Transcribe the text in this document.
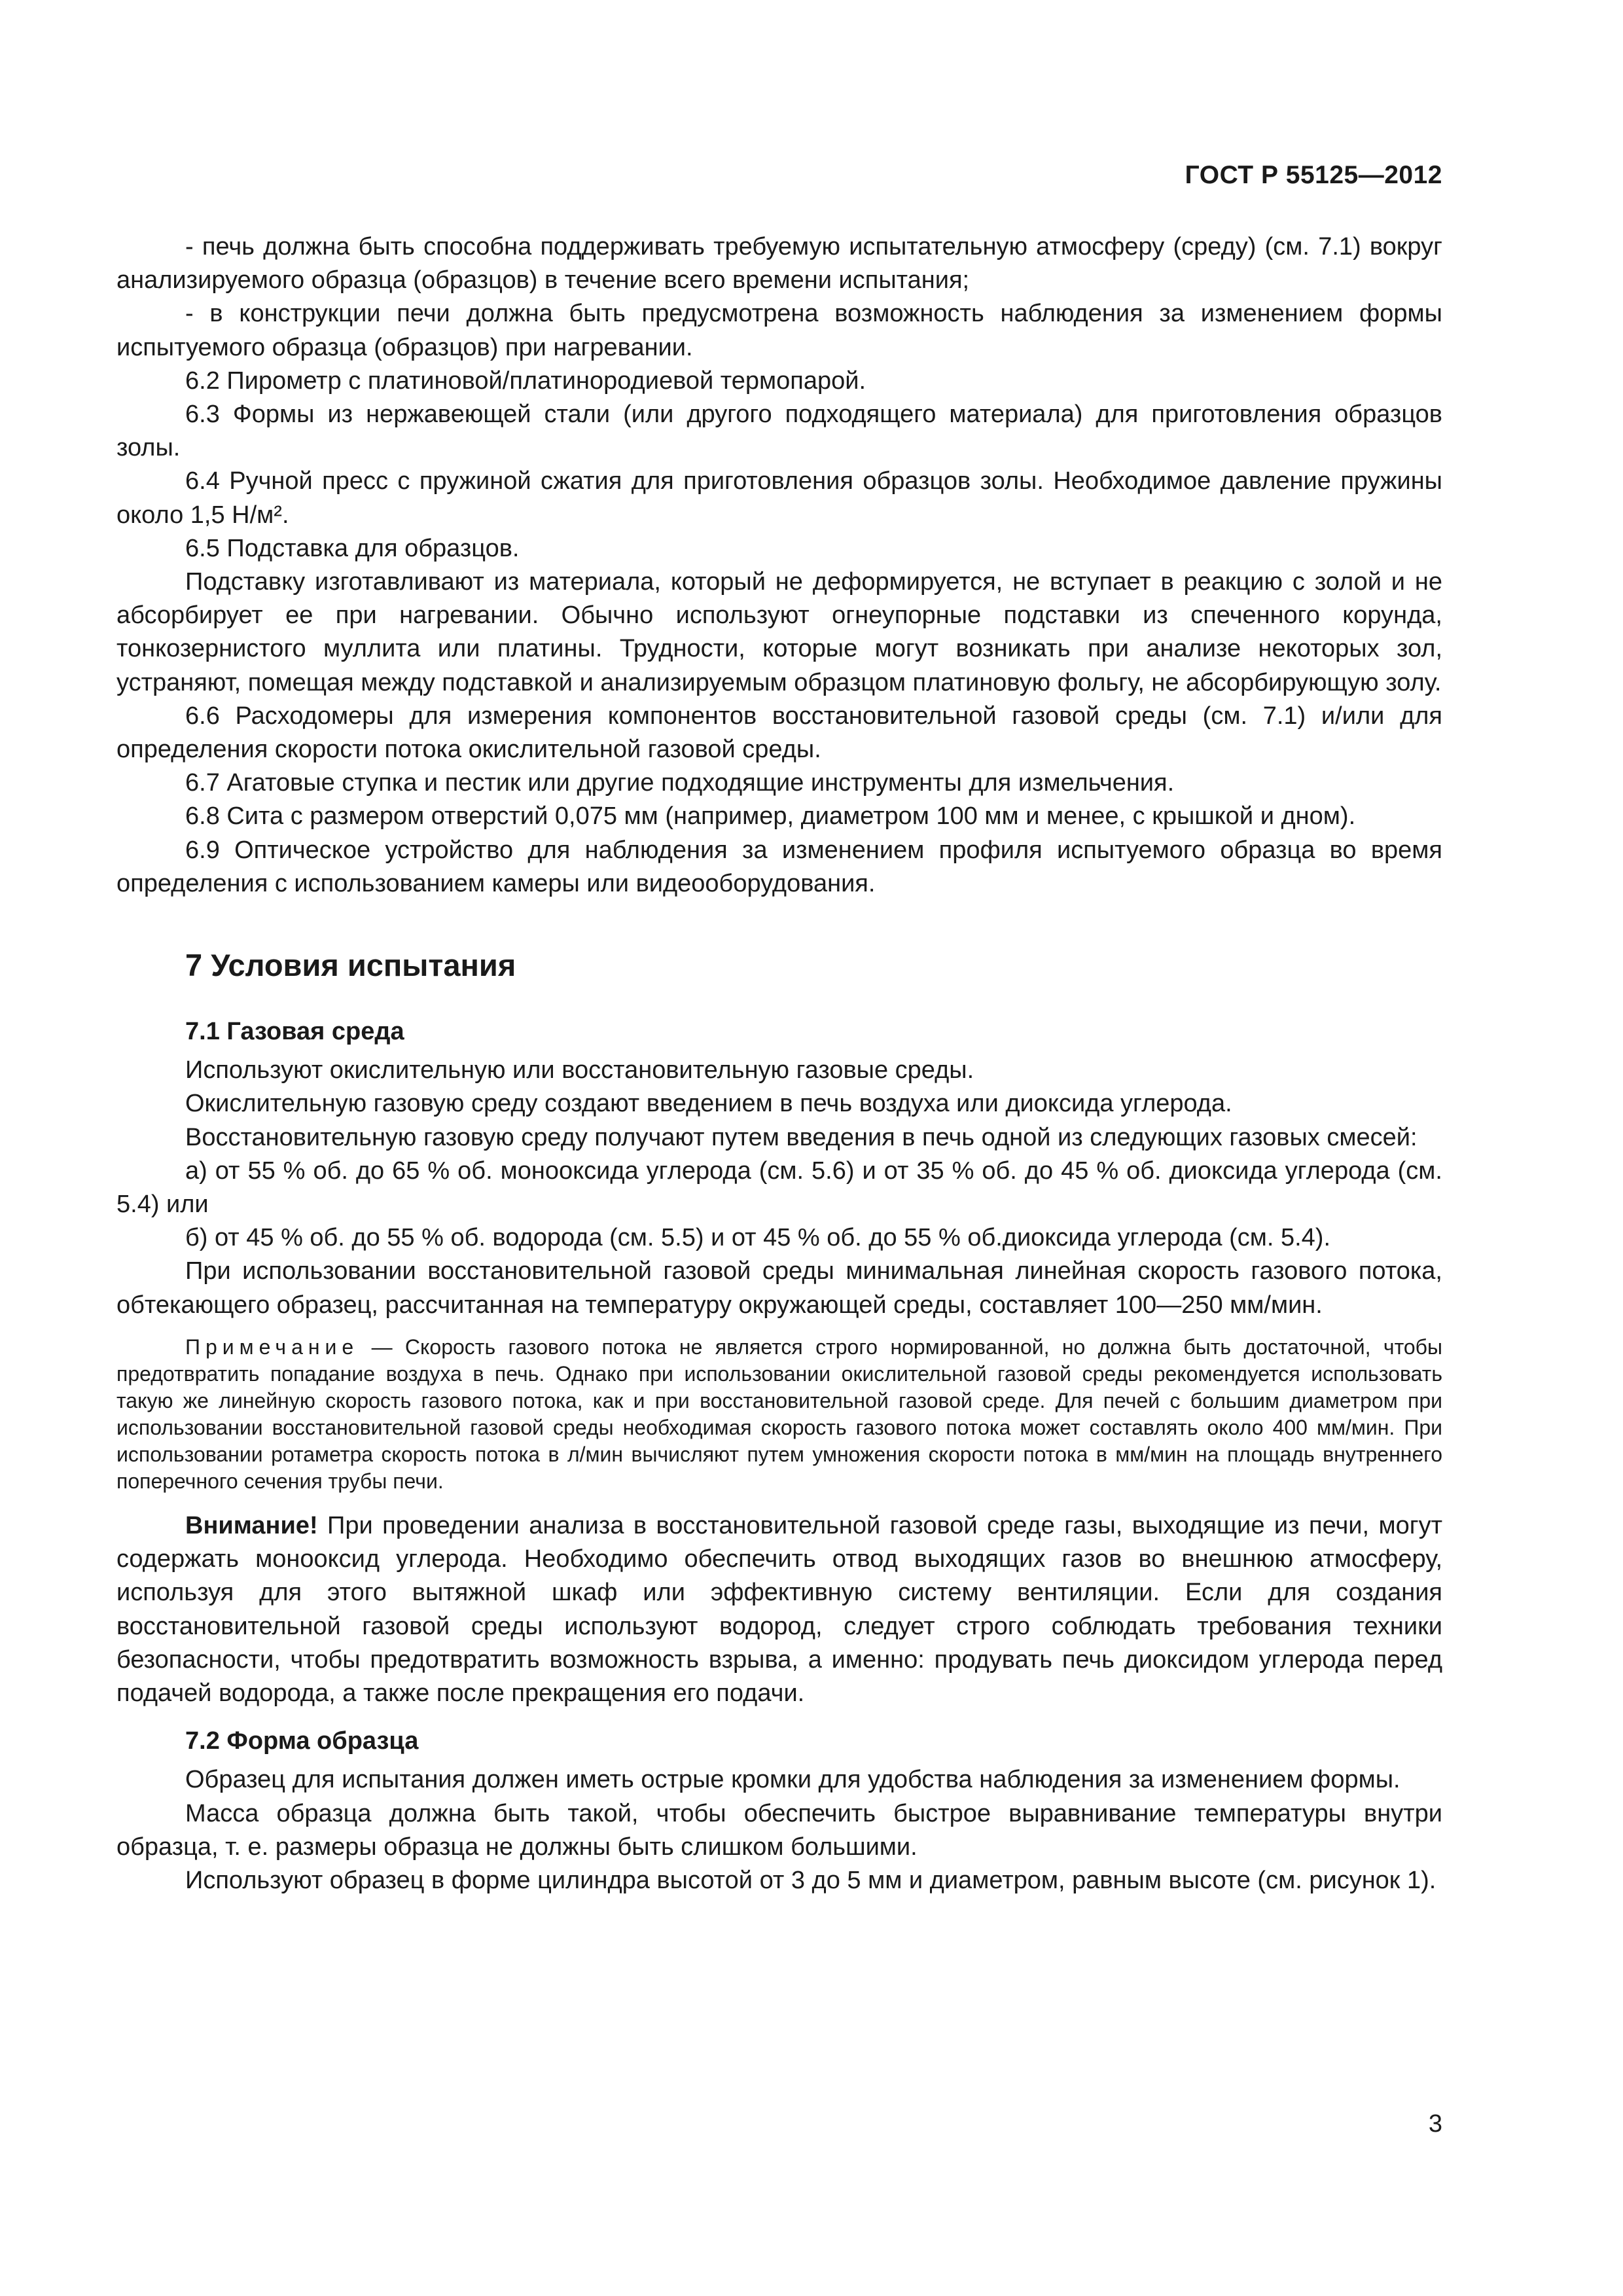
ГОСТ Р 55125—2012

- печь должна быть способна поддерживать требуемую испытательную атмосферу (среду) (см. 7.1) вокруг анализируемого образца (образцов) в течение всего времени испытания;

- в конструкции печи должна быть предусмотрена возможность наблюдения за изменением формы испытуемого образца (образцов) при нагревании.

6.2 Пирометр с платиновой/платинородиевой термопарой.

6.3 Формы из нержавеющей стали (или другого подходящего материала) для приготовления образцов золы.

6.4 Ручной пресс с пружиной сжатия для приготовления образцов золы. Необходимое давление пружины около 1,5 Н/м².

6.5 Подставка для образцов.

Подставку изготавливают из материала, который не деформируется, не вступает в реакцию с золой и не абсорбирует ее при нагревании. Обычно используют огнеупорные подставки из спеченного корунда, тонкозернистого муллита или платины. Трудности, которые могут возникать при анализе некоторых зол, устраняют, помещая между подставкой и анализируемым образцом платиновую фольгу, не абсорбирующую золу.

6.6 Расходомеры для измерения компонентов восстановительной газовой среды (см. 7.1) и/или для определения скорости потока окислительной газовой среды.

6.7 Агатовые ступка и пестик или другие подходящие инструменты для измельчения.

6.8 Сита с размером отверстий 0,075 мм (например, диаметром 100 мм и менее, с крышкой и дном).

6.9 Оптическое устройство для наблюдения за изменением профиля испытуемого образца во время определения с использованием камеры или видеооборудования.

7 Условия испытания
7.1 Газовая среда

Используют окислительную или восстановительную газовые среды.

Окислительную газовую среду создают введением в печь воздуха или диоксида углерода.

Восстановительную газовую среду получают путем введения в печь одной из следующих газовых смесей:

а) от 55 % об. до 65 % об. монооксида углерода (см. 5.6) и от 35 % об. до 45 % об. диоксида углерода (см. 5.4) или

б) от 45 % об. до 55 % об. водорода (см. 5.5) и от 45 % об. до 55 % об.диоксида углерода (см. 5.4).

При использовании восстановительной газовой среды минимальная линейная скорость газового потока, обтекающего образец, рассчитанная на температуру окружающей среды, составляет 100—250 мм/мин.

Примечание — Скорость газового потока не является строго нормированной, но должна быть достаточной, чтобы предотвратить попадание воздуха в печь. Однако при использовании окислительной газовой среды рекомендуется использовать такую же линейную скорость газового потока, как и при восстановительной газовой среде. Для печей с большим диаметром при использовании восстановительной газовой среды необходимая скорость газового потока может составлять около 400 мм/мин. При использовании ротаметра скорость потока в л/мин вычисляют путем умножения скорости потока в мм/мин на площадь внутреннего поперечного сечения трубы печи.

Внимание! При проведении анализа в восстановительной газовой среде газы, выходящие из печи, могут содержать монооксид углерода. Необходимо обеспечить отвод выходящих газов во внешнюю атмосферу, используя для этого вытяжной шкаф или эффективную систему вентиляции. Если для создания восстановительной газовой среды используют водород, следует строго соблюдать требования техники безопасности, чтобы предотвратить возможность взрыва, а именно: продувать печь диоксидом углерода перед подачей водорода, а также после прекращения его подачи.

7.2 Форма образца

Образец для испытания должен иметь острые кромки для удобства наблюдения за изменением формы.

Масса образца должна быть такой, чтобы обеспечить быстрое выравнивание температуры внутри образца, т. е. размеры образца не должны быть слишком большими.

Используют образец в форме цилиндра высотой от 3 до 5 мм и диаметром, равным высоте (см. рисунок 1).

3
